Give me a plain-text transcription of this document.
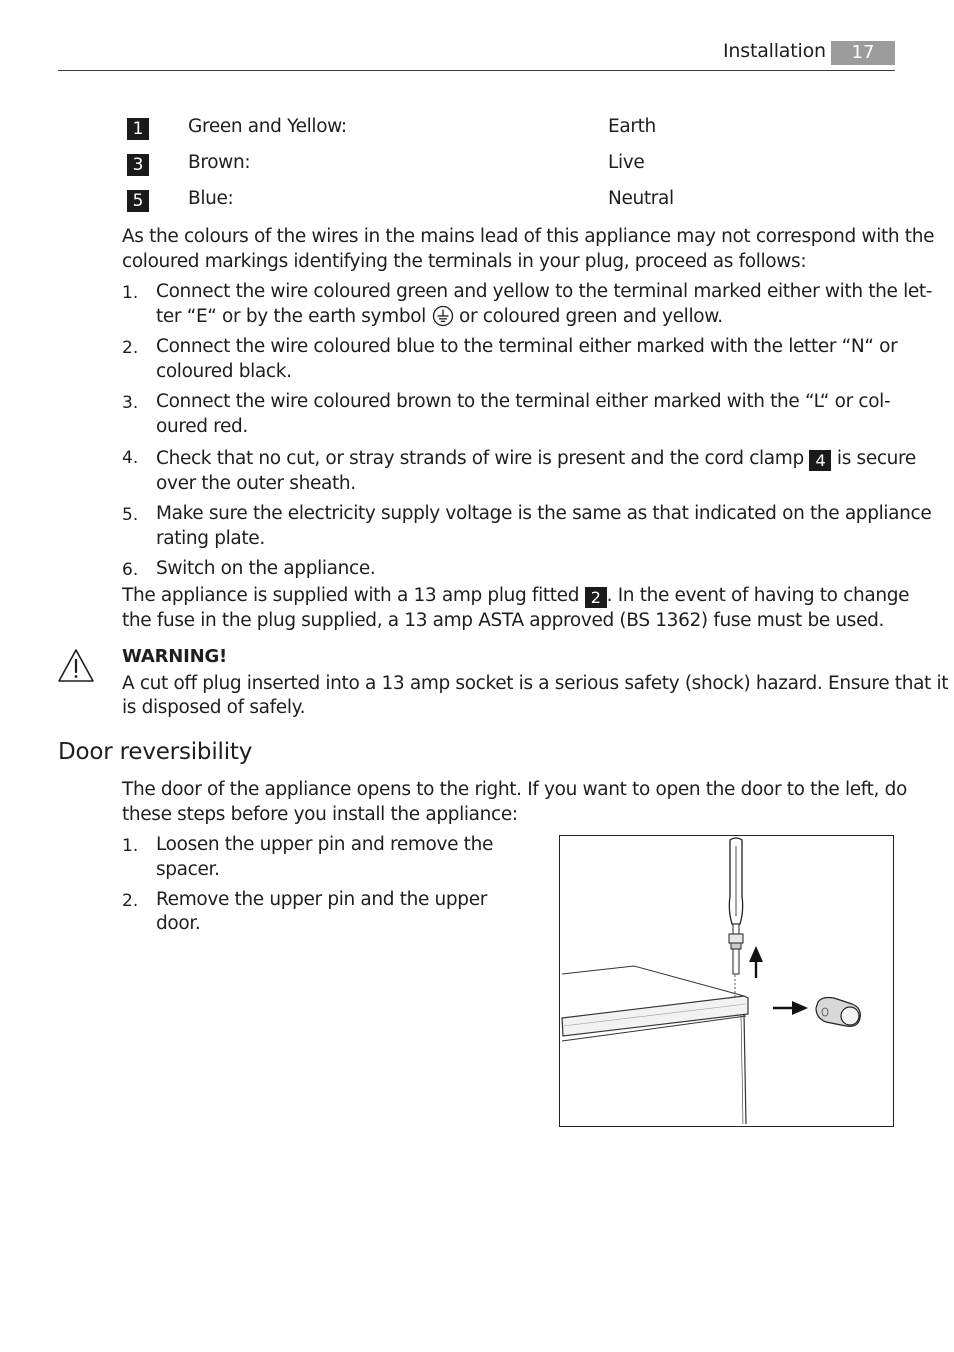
Installation	17
1	Green and Yellow:	Earth
3	Brown:	Live
5	Blue:	Neutral
As the colours of the wires in the mains lead of this appliance may not correspond with the
coloured markings identifying the terminals in your plug, proceed as follows:
1. Connect the wire coloured green and yellow to the terminal marked either with the let-
ter “E“ or by the earth symbol or coloured green and yellow.
2. Connect the wire coloured blue to the terminal either marked with the letter “N“ or
coloured black.
3. Connect the wire coloured brown to the terminal either marked with the “L“ or col-
oured red.
4. Check that no cut, or stray strands of wire is present and the cord clamp 4 is secure
over the outer sheath.
5. Make sure the electricity supply voltage is the same as that indicated on the appliance
rating plate.
6. Switch on the appliance.
The appliance is supplied with a 13 amp plug fitted 2 . In the event of having to change
the fuse in the plug supplied, a 13 amp ASTA approved (BS 1362) fuse must be used.
WARNING!
A cut off plug inserted into a 13 amp socket is a serious safety (shock) hazard. Ensure that it
is disposed of safely.
Door reversibility
The door of the appliance opens to the right. If you want to open the door to the left, do
these steps before you install the appliance:
1. Loosen the upper pin and remove the
spacer.
2. Remove the upper pin and the upper
door.
